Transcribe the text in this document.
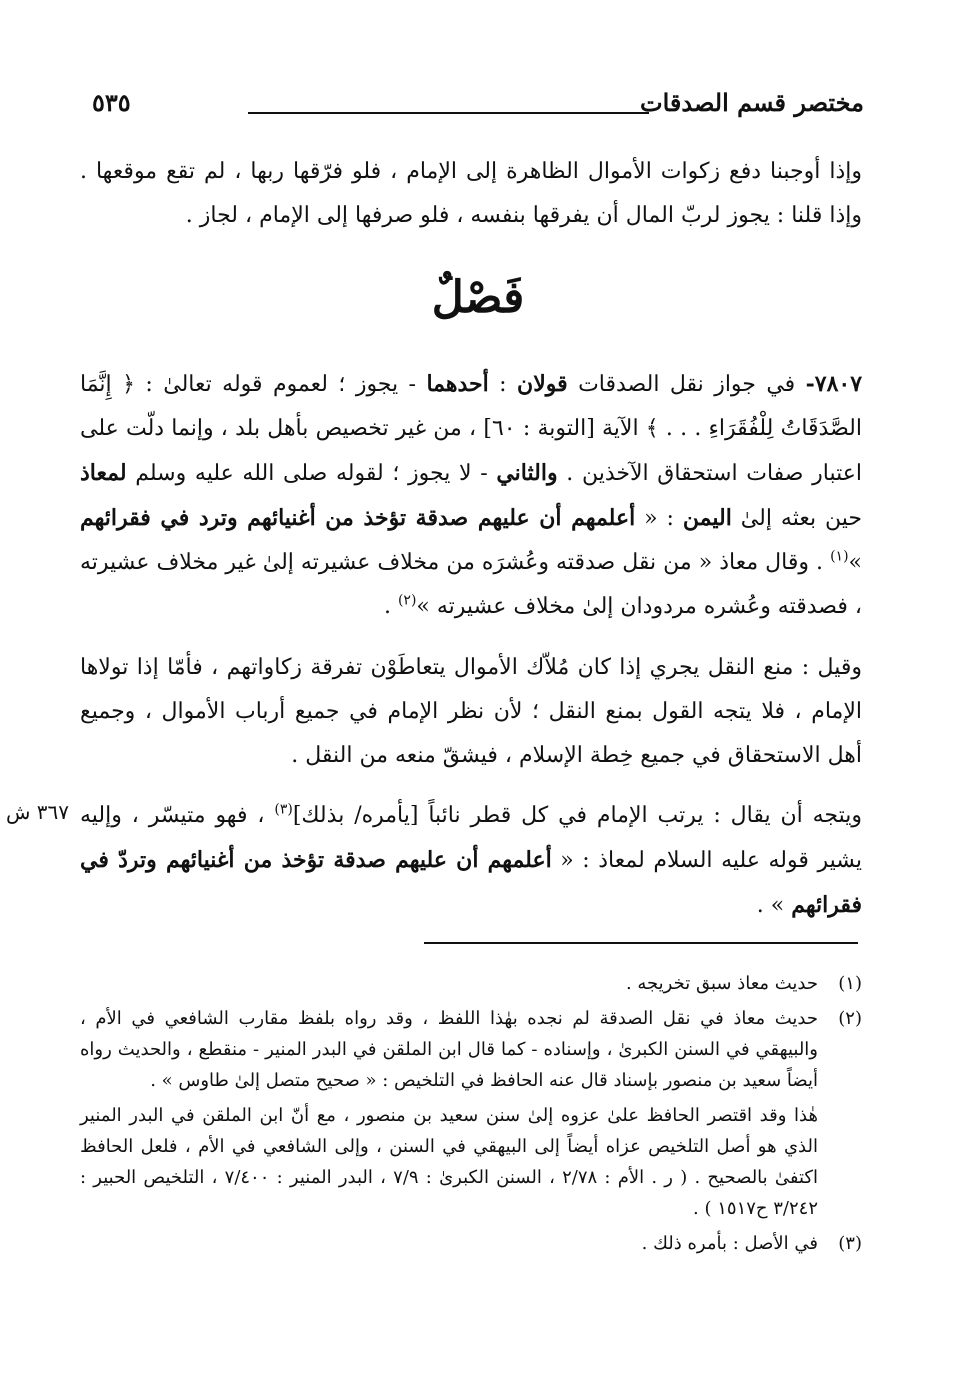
مختصر قسم الصدقات
٥٣٥

وإذا أوجبنا دفع زكوات الأموال الظاهرة إلى الإمام ، فلو فرّقها ربها ، لم تقع موقعها . وإذا قلنا : يجوز لربّ المال أن يفرقها بنفسه ، فلو صرفها إلى الإمام ، لجاز .

فَصْلٌ

٧٨٠٧- في جواز نقل الصدقات قولان : أحدهما - يجوز ؛ لعموم قوله تعالىٰ : ﴿ إِنَّمَا الصَّدَقَاتُ لِلْفُقَرَاءِ . . . ﴾ الآية [التوبة : ٦٠] ، من غير تخصيص بأهل بلد ، وإنما دلّت على اعتبار صفات استحقاق الآخذين . والثاني - لا يجوز ؛ لقوله صلى الله عليه وسلم لمعاذ حين بعثه إلىٰ اليمن : « أعلمهم أن عليهم صدقة تؤخذ من أغنيائهم وترد في فقرائهم »$^{(١)}$ . وقال معاذ « من نقل صدقته وعُشرَه من مخلاف عشيرته إلىٰ غير مخلاف عشيرته ، فصدقته وعُشره مردودان إلىٰ مخلاف عشيرته »$^{(٢)}$ .

وقيل : منع النقل يجري إذا كان مُلاّك الأموال يتعاطَوْن تفرقة زكاواتهم ، فأمّا إذا تولاها الإمام ، فلا يتجه القول بمنع النقل ؛ لأن نظر الإمام في جميع أرباب الأموال ، وجميع أهل الاستحقاق في جميع خِطة الإسلام ، فيشقّ منعه من النقل .

ويتجه أن يقال : يرتب الإمام في كل قطر نائباً [يأمره/ بذلك]$^{(٣)}$ ، فهو متيسّر ، وإليه يشير قوله عليه السلام لمعاذ : « أعلمهم أن عليهم صدقة تؤخذ من أغنيائهم وتردّ في فقرائهم » .

٣٦٧ ش
(١)
حديث معاذ سبق تخريجه .
(٢)
حديث معاذ في نقل الصدقة لم نجده بهٰذا اللفظ ، وقد رواه بلفظ مقارب الشافعي في الأم ، والبيهقي في السنن الكبرىٰ ، وإسناده - كما قال ابن الملقن في البدر المنير - منقطع ، والحديث رواه أيضاً سعيد بن منصور بإسناد قال عنه الحافظ في التلخيص : « صحيح متصل إلىٰ طاوس » .
هٰذا وقد اقتصر الحافظ علىٰ عزوه إلىٰ سنن سعيد بن منصور ، مع أنّ ابن الملقن في البدر المنير الذي هو أصل التلخيص عزاه أيضاً إلى البيهقي في السنن ، وإلى الشافعي في الأم ، فلعل الحافظ اكتفىٰ بالصحيح . ( ر . الأم : ٢/٧٨ ، السنن الكبرىٰ : ٧/٩ ، البدر المنير : ٧/٤٠٠ ، التلخيص الحبير : ٣/٢٤٢ ح١٥١٧ ) .
(٣)
في الأصل : بأمره ذلك .
